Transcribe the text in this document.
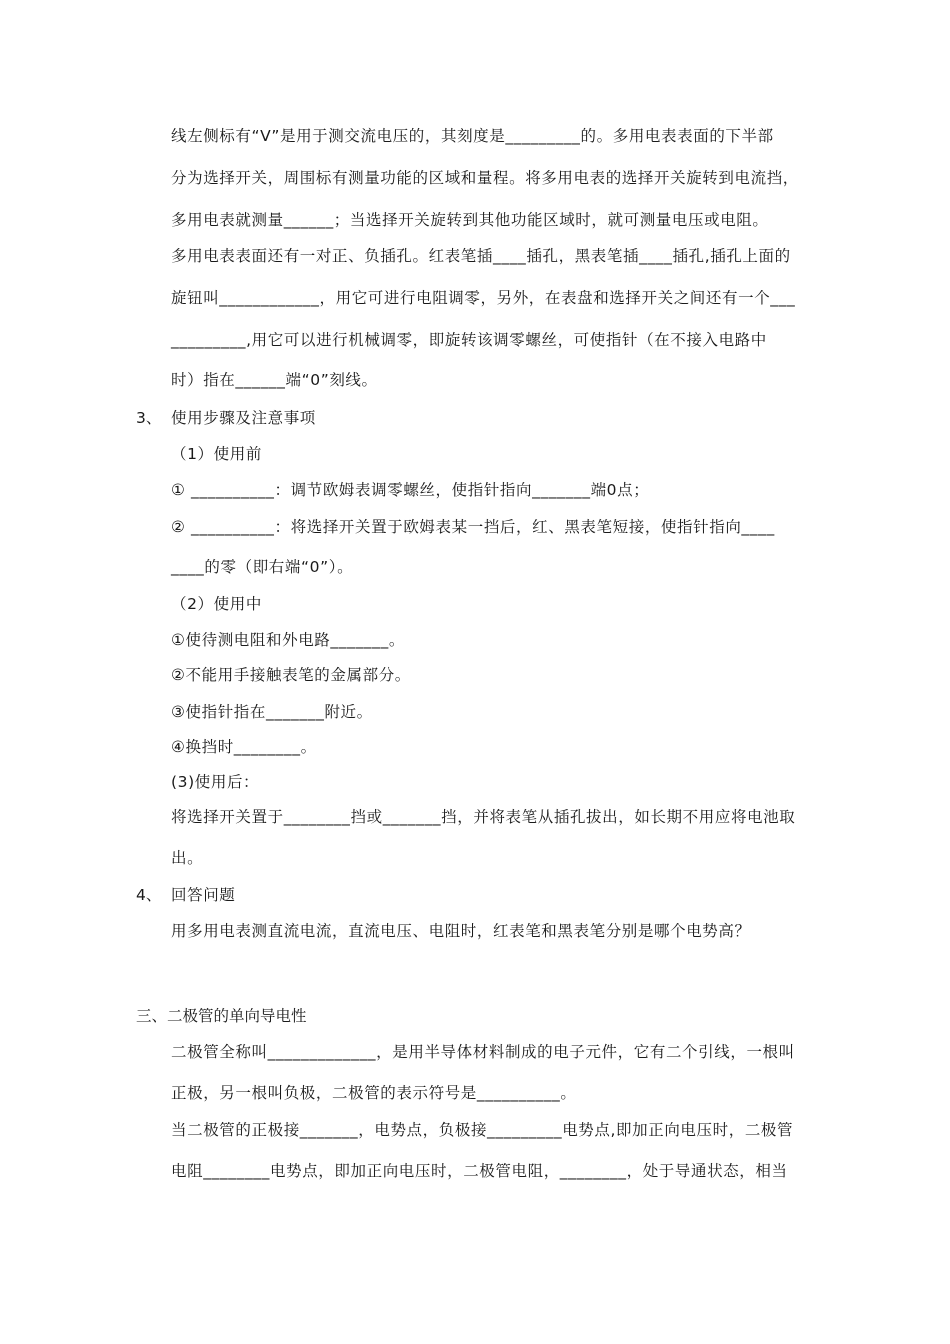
线左侧标有“V”是用于测交流电压的，其刻度是_________的。多用电表表面的下半部
分为选择开关，周围标有测量功能的区域和量程。将多用电表的选择开关旋转到电流挡，
多用电表就测量______；当选择开关旋转到其他功能区域时，就可测量电压或电阻。
多用电表表面还有一对正、负插孔。红表笔插____插孔，黑表笔插____插孔,插孔上面的
旋钮叫____________，用它可进行电阻调零，另外，在表盘和选择开关之间还有一个___
_________,用它可以进行机械调零，即旋转该调零螺丝，可使指针（在不接入电路中
时）指在______端“0”刻线。
3、 使用步骤及注意事项
（1）使用前
① __________：调节欧姆表调零螺丝，使指针指向_______端0点；
② __________：将选择开关置于欧姆表某一挡后，红、黑表笔短接，使指针指向____
____的零（即右端“0”）。
（2）使用中
①使待测电阻和外电路_______。
②不能用手接触表笔的金属部分。
③使指针指在_______附近。
④换挡时________。
(3)使用后：
将选择开关置于________挡或_______挡，并将表笔从插孔拔出，如长期不用应将电池取
出。
4、 回答问题
用多用电表测直流电流，直流电压、电阻时，红表笔和黑表笔分别是哪个电势高？
三、二极管的单向导电性
二极管全称叫_____________，是用半导体材料制成的电子元件，它有二个引线，一根叫
正极，另一根叫负极，二极管的表示符号是__________。
当二极管的正极接_______，电势点，负极接_________电势点,即加正向电压时，二极管
电阻________电势点，即加正向电压时，二极管电阻，________，处于导通状态，相当
